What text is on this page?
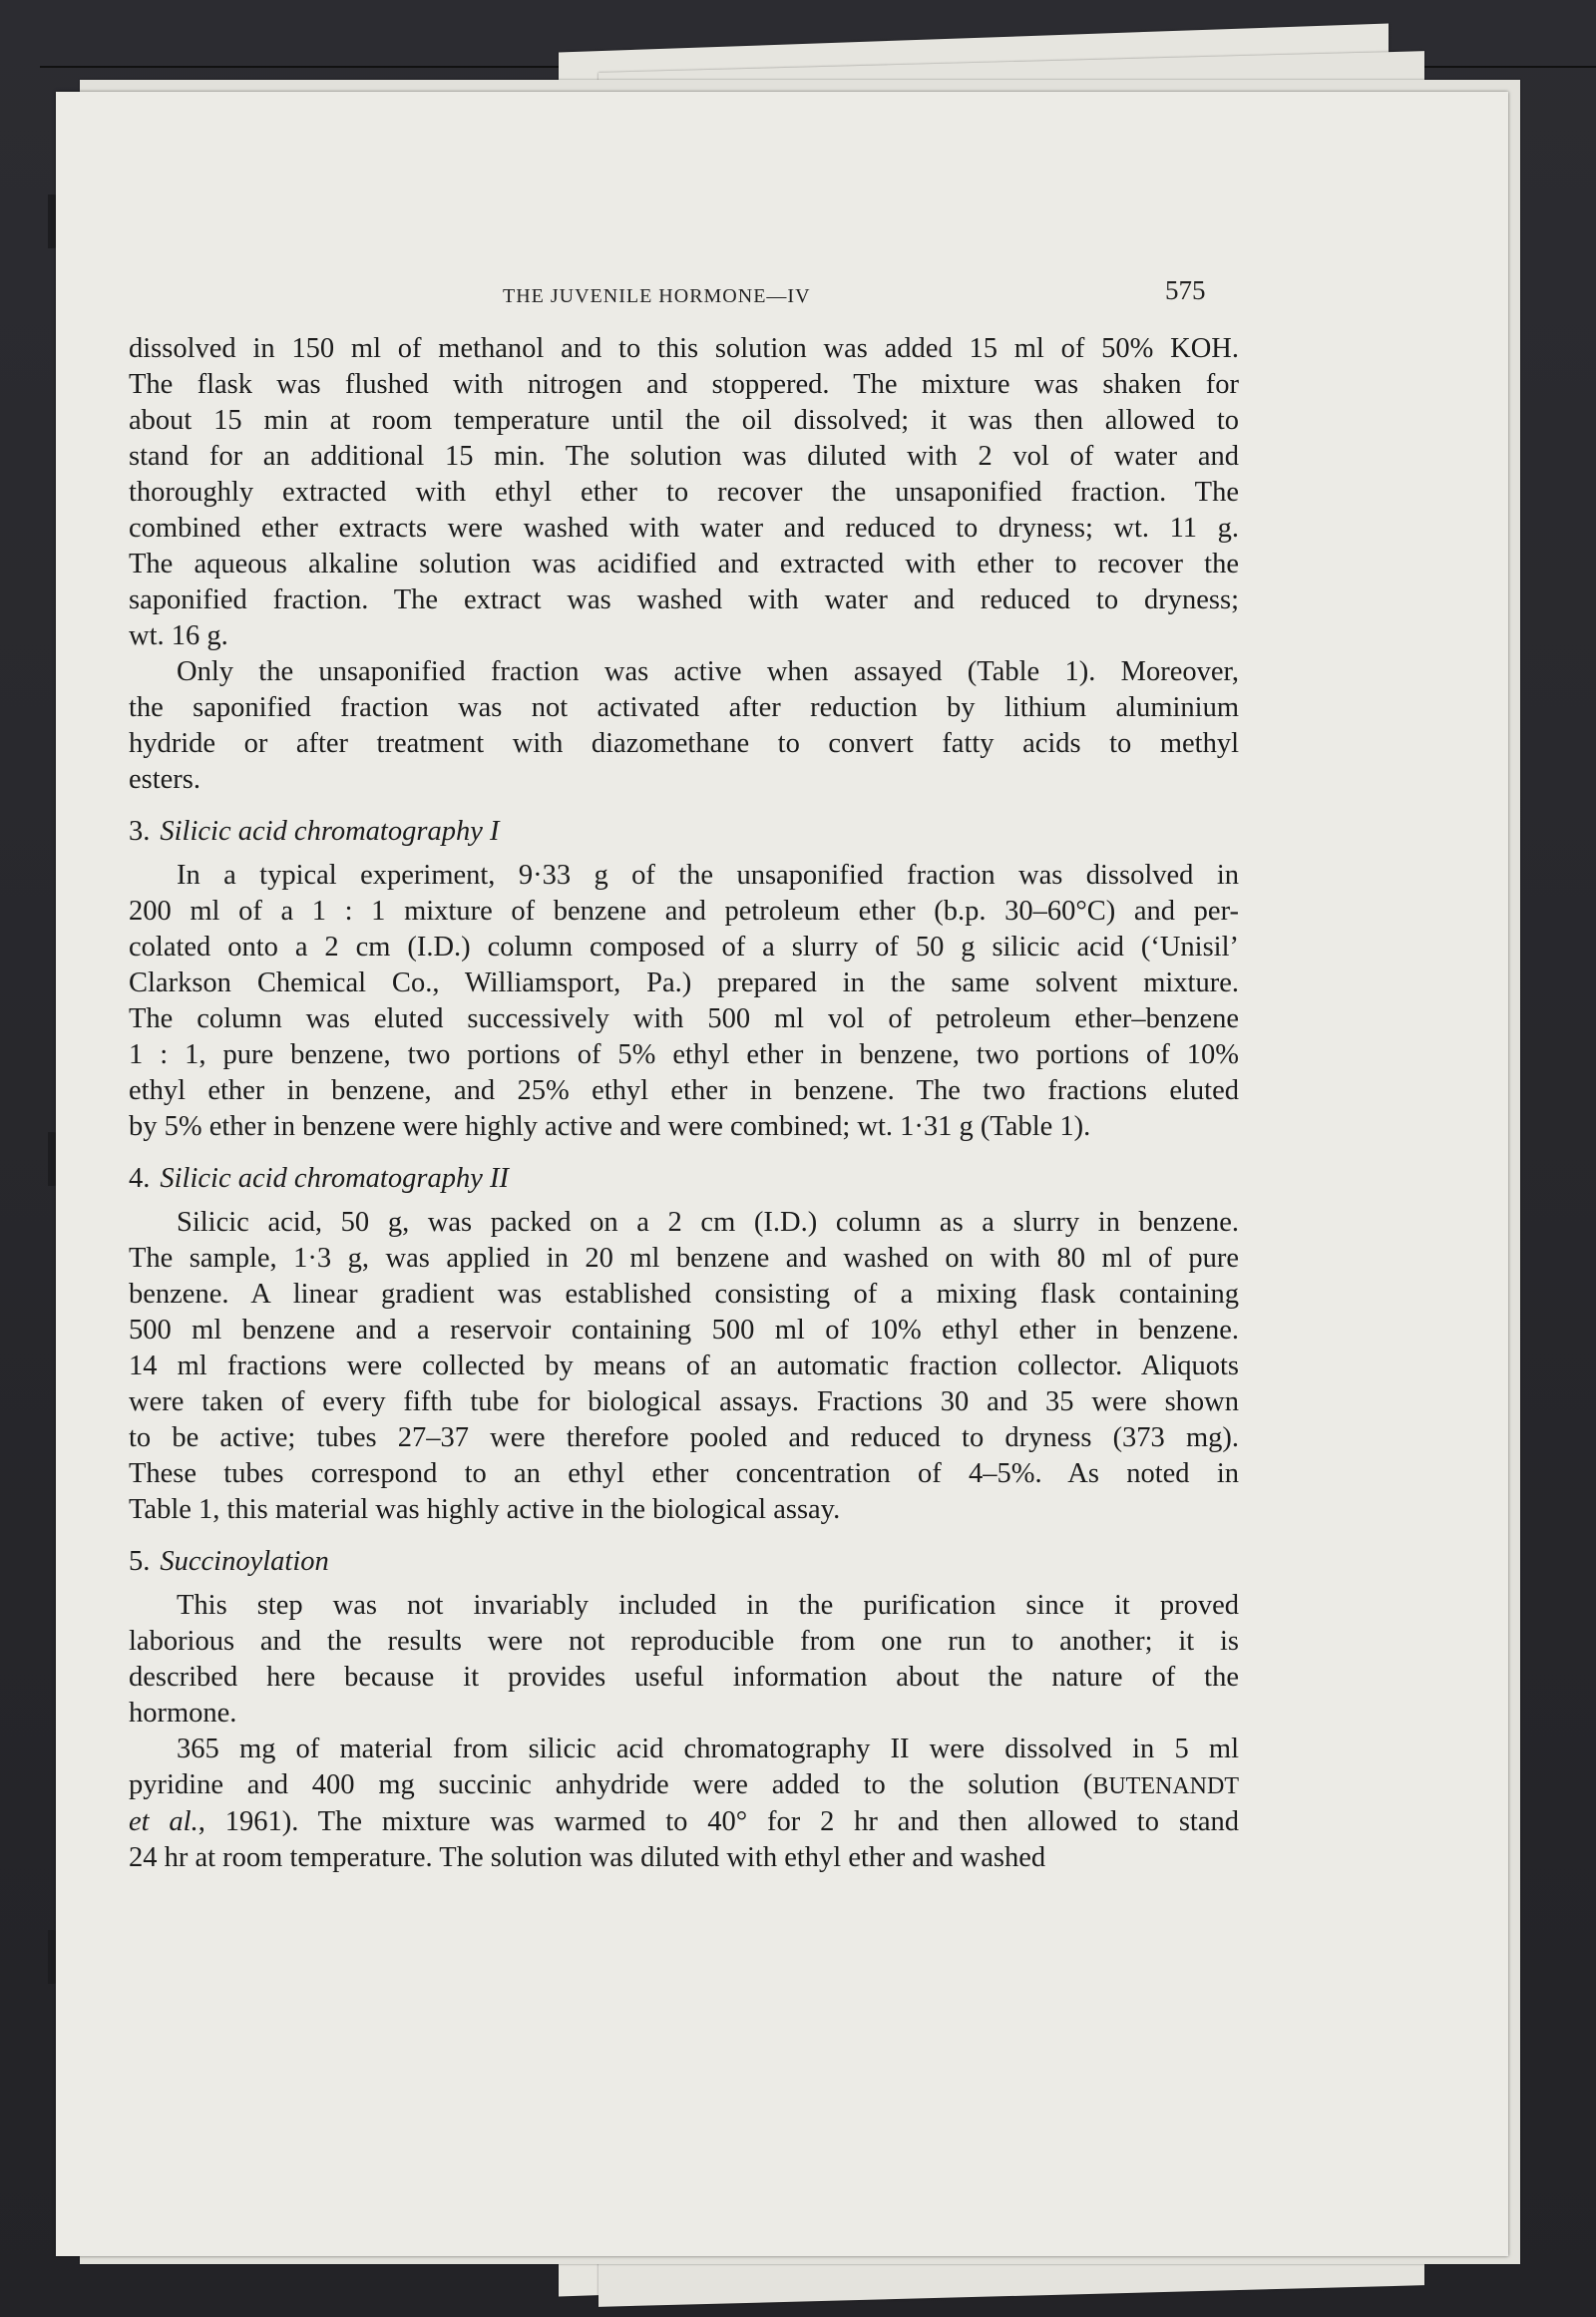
THE JUVENILE HORMONE—IV	575
dissolved in 150 ml of methanol and to this solution was added 15 ml of 50% KOH.
The flask was flushed with nitrogen and stoppered. The mixture was shaken for
about 15 min at room temperature until the oil dissolved; it was then allowed to
stand for an additional 15 min. The solution was diluted with 2 vol of water and
thoroughly extracted with ethyl ether to recover the unsaponified fraction. The
combined ether extracts were washed with water and reduced to dryness; wt. 11 g.
The aqueous alkaline solution was acidified and extracted with ether to recover the
saponified fraction. The extract was washed with water and reduced to dryness;
wt. 16 g.
Only the unsaponified fraction was active when assayed (Table 1). Moreover,
the saponified fraction was not activated after reduction by lithium aluminium
hydride or after treatment with diazomethane to convert fatty acids to methyl
esters.
3. Silicic acid chromatography I
In a typical experiment, 9·33 g of the unsaponified fraction was dissolved in
200 ml of a 1 : 1 mixture of benzene and petroleum ether (b.p. 30–60°C) and per-
colated onto a 2 cm (I.D.) column composed of a slurry of 50 g silicic acid (‘Unisil’
Clarkson Chemical Co., Williamsport, Pa.) prepared in the same solvent mixture.
The column was eluted successively with 500 ml vol of petroleum ether–benzene
1 : 1, pure benzene, two portions of 5% ethyl ether in benzene, two portions of 10%
ethyl ether in benzene, and 25% ethyl ether in benzene. The two fractions eluted
by 5% ether in benzene were highly active and were combined; wt. 1·31 g (Table 1).
4. Silicic acid chromatography II
Silicic acid, 50 g, was packed on a 2 cm (I.D.) column as a slurry in benzene.
The sample, 1·3 g, was applied in 20 ml benzene and washed on with 80 ml of pure
benzene. A linear gradient was established consisting of a mixing flask containing
500 ml benzene and a reservoir containing 500 ml of 10% ethyl ether in benzene.
14 ml fractions were collected by means of an automatic fraction collector. Aliquots
were taken of every fifth tube for biological assays. Fractions 30 and 35 were shown
to be active; tubes 27–37 were therefore pooled and reduced to dryness (373 mg).
These tubes correspond to an ethyl ether concentration of 4–5%. As noted in
Table 1, this material was highly active in the biological assay.
5. Succinoylation
This step was not invariably included in the purification since it proved
laborious and the results were not reproducible from one run to another; it is
described here because it provides useful information about the nature of the
hormone.
365 mg of material from silicic acid chromatography II were dissolved in 5 ml
pyridine and 400 mg succinic anhydride were added to the solution (BUTENANDT
et al., 1961). The mixture was warmed to 40° for 2 hr and then allowed to stand
24 hr at room temperature. The solution was diluted with ethyl ether and washed
